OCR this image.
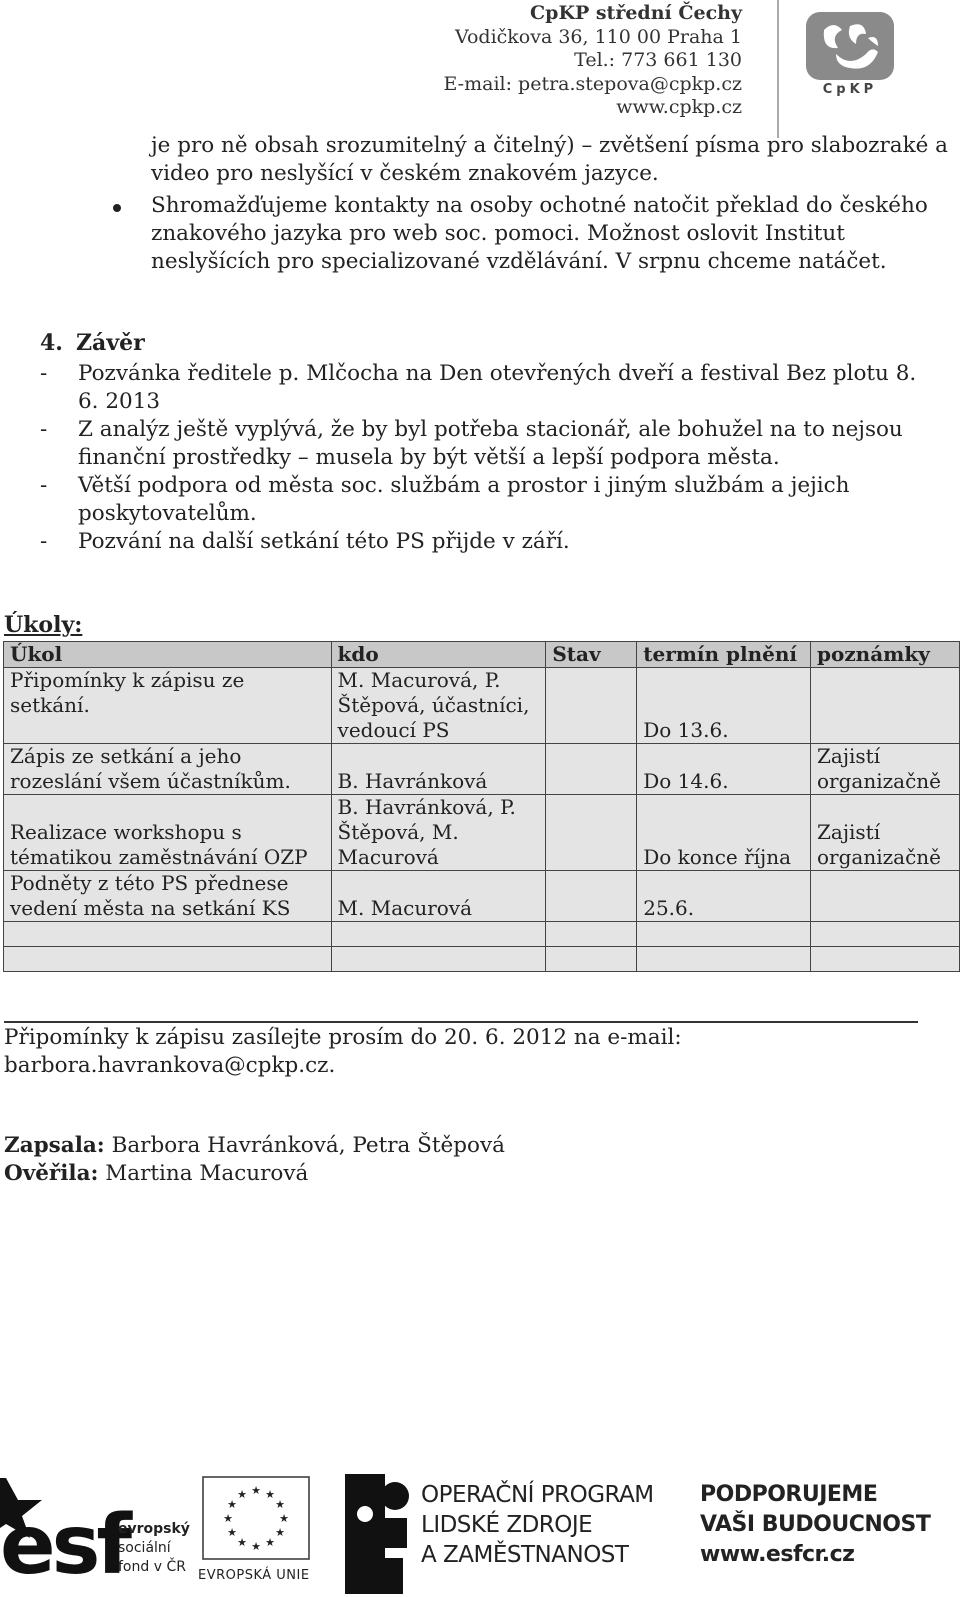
CpKP střední Čechy
Vodičkova 36, 110 00 Praha 1
Tel.: 773 661 130
E-mail: petra.stepova@cpkp.cz
www.cpkp.cz
CpKP
je pro ně obsah srozumitelný a čitelný) – zvětšení písma pro slabozraké a video pro neslyšící v českém znakovém jazyce.
Shromažďujeme kontakty na osoby ochotné natočit překlad do českého znakového jazyka pro web soc. pomoci. Možnost oslovit Institut neslyšících pro specializované vzdělávání. V srpnu chceme natáčet.
4. Závěr
-	Pozvánka ředitele p. Mlčocha na Den otevřených dveří a festival Bez plotu 8. 6. 2013
-	Z analýz ještě vyplývá, že by byl potřeba stacionář, ale bohužel na to nejsou finanční prostředky – musela by být větší a lepší podpora města.
-	Větší podpora od města soc. službám a prostor i jiným službám a jejich poskytovatelům.
-	Pozvání na další setkání této PS přijde v září.
Úkoly:
Úkol	kdo	Stav	termín plnění	poznámky
Připomínky k zápisu ze setkání.	M. Macurová, P. Štěpová, účastníci, vedoucí PS		Do 13.6.	
Zápis ze setkání a jeho rozeslání všem účastníkům.	B. Havránková		Do 14.6.	Zajistí organizačně
Realizace workshopu s tématikou zaměstnávání OZP	B. Havránková, P. Štěpová, M. Macurová		Do konce října	Zajistí organizačně
Podněty z této PS přednese vedení města na setkání KS	M. Macurová		25.6.	

Připomínky k zápisu zasílejte prosím do 20. 6. 2012 na e-mail: barbora.havrankova@cpkp.cz.
Zapsala: Barbora Havránková, Petra Štěpová
Ověřila: Martina Macurová
esf
evropský
sociální
fond v ČR
★ ★
★
★
★
★
★
★
★
★
★
★
EVROPSKÁ UNIE
OPERAČNÍ PROGRAM
LIDSKÉ ZDROJE
A ZAMĚSTNANOST
PODPORUJEME
VAŠI BUDOUCNOST
www.esfcr.cz
